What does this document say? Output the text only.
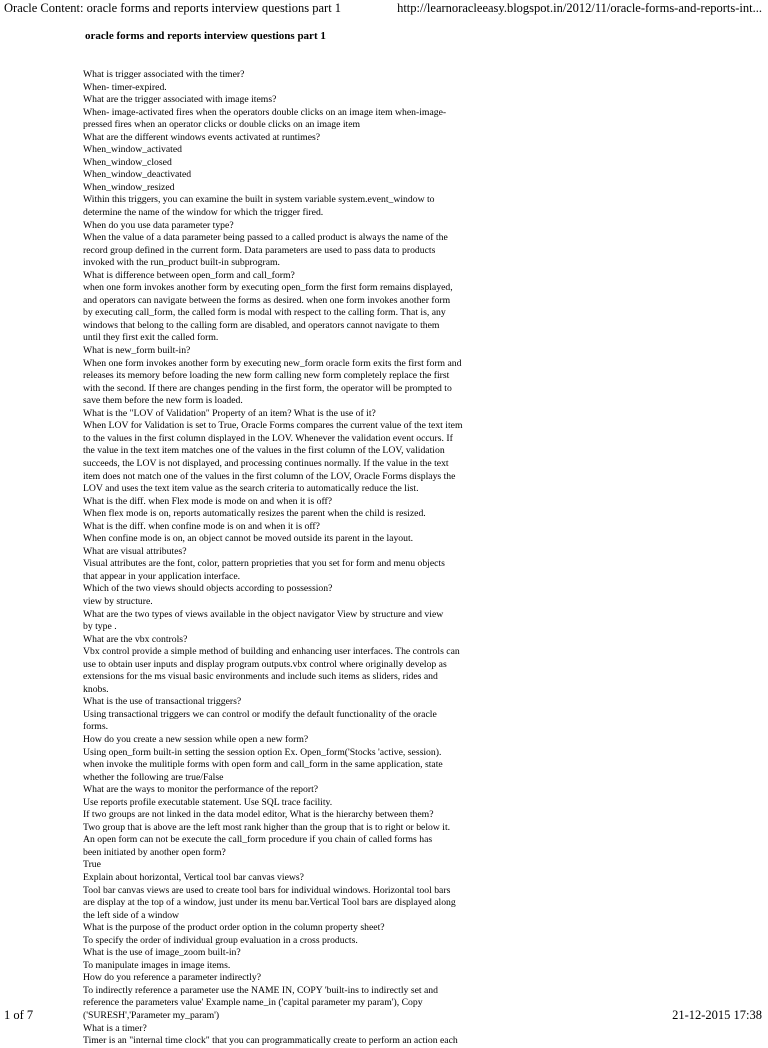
Oracle Content: oracle forms and reports interview questions part 1	http://learnoracleeasy.blogspot.in/2012/11/oracle-forms-and-reports-int...
oracle forms and reports interview questions part 1
What is trigger associated with the timer?
When- timer-expired.
What are the trigger associated with image items?
When- image-activated fires when the operators double clicks on an image item when-image-
pressed fires when an operator clicks or double clicks on an image item
What are the different windows events activated at runtimes?
When_window_activated
When_window_closed
When_window_deactivated
When_window_resized
Within this triggers, you can examine the built in system variable system.event_window to
determine the name of the window for which the trigger fired.
When do you use data parameter type?
When the value of a data parameter being passed to a called product is always the name of the
record group defined in the current form. Data parameters are used to pass data to products
invoked with the run_product built-in subprogram.
What is difference between open_form and call_form?
when one form invokes another form by executing open_form the first form remains displayed,
and operators can navigate between the forms as desired. when one form invokes another form
by executing call_form, the called form is modal with respect to the calling form. That is, any
windows that belong to the calling form are disabled, and operators cannot navigate to them
until they first exit the called form.
What is new_form built-in?
When one form invokes another form by executing new_form oracle form exits the first form and
releases its memory before loading the new form calling new form completely replace the first
with the second. If there are changes pending in the first form, the operator will be prompted to
save them before the new form is loaded.
What is the "LOV of Validation" Property of an item? What is the use of it?
When LOV for Validation is set to True, Oracle Forms compares the current value of the text item
to the values in the first column displayed in the LOV. Whenever the validation event occurs. If
the value in the text item matches one of the values in the first column of the LOV, validation
succeeds, the LOV is not displayed, and processing continues normally. If the value in the text
item does not match one of the values in the first column of the LOV, Oracle Forms displays the
LOV and uses the text item value as the search criteria to automatically reduce the list.
What is the diff. when Flex mode is mode on and when it is off?
When flex mode is on, reports automatically resizes the parent when the child is resized.
What is the diff. when confine mode is on and when it is off?
When confine mode is on, an object cannot be moved outside its parent in the layout.
What are visual attributes?
Visual attributes are the font, color, pattern proprieties that you set for form and menu objects
that appear in your application interface.
Which of the two views should objects according to possession?
view by structure.
What are the two types of views available in the object navigator View by structure and view
by type .
What are the vbx controls?
Vbx control provide a simple method of building and enhancing user interfaces. The controls can
use to obtain user inputs and display program outputs.vbx control where originally develop as
extensions for the ms visual basic environments and include such items as sliders, rides and
knobs.
What is the use of transactional triggers?
Using transactional triggers we can control or modify the default functionality of the oracle
forms.
How do you create a new session while open a new form?
Using open_form built-in setting the session option Ex. Open_form('Stocks 'active, session).
when invoke the mulitiple forms with open form and call_form in the same application, state
whether the following are true/False
What are the ways to monitor the performance of the report?
Use reports profile executable statement. Use SQL trace facility.
If two groups are not linked in the data model editor, What is the hierarchy between them?
Two group that is above are the left most rank higher than the group that is to right or below it.
An open form can not be execute the call_form procedure if you chain of called forms has
been initiated by another open form?
True
Explain about horizontal, Vertical tool bar canvas views?
Tool bar canvas views are used to create tool bars for individual windows. Horizontal tool bars
are display at the top of a window, just under its menu bar.Vertical Tool bars are displayed along
the left side of a window
What is the purpose of the product order option in the column property sheet?
To specify the order of individual group evaluation in a cross products.
What is the use of image_zoom built-in?
To manipulate images in image items.
How do you reference a parameter indirectly?
To indirectly reference a parameter use the NAME IN, COPY 'built-ins to indirectly set and
reference the parameters value' Example name_in ('capital parameter my param'), Copy
('SURESH','Parameter my_param')
What is a timer?
Timer is an "internal time clock" that you can programmatically create to perform an action each
1 of 7	21-12-2015 17:38
